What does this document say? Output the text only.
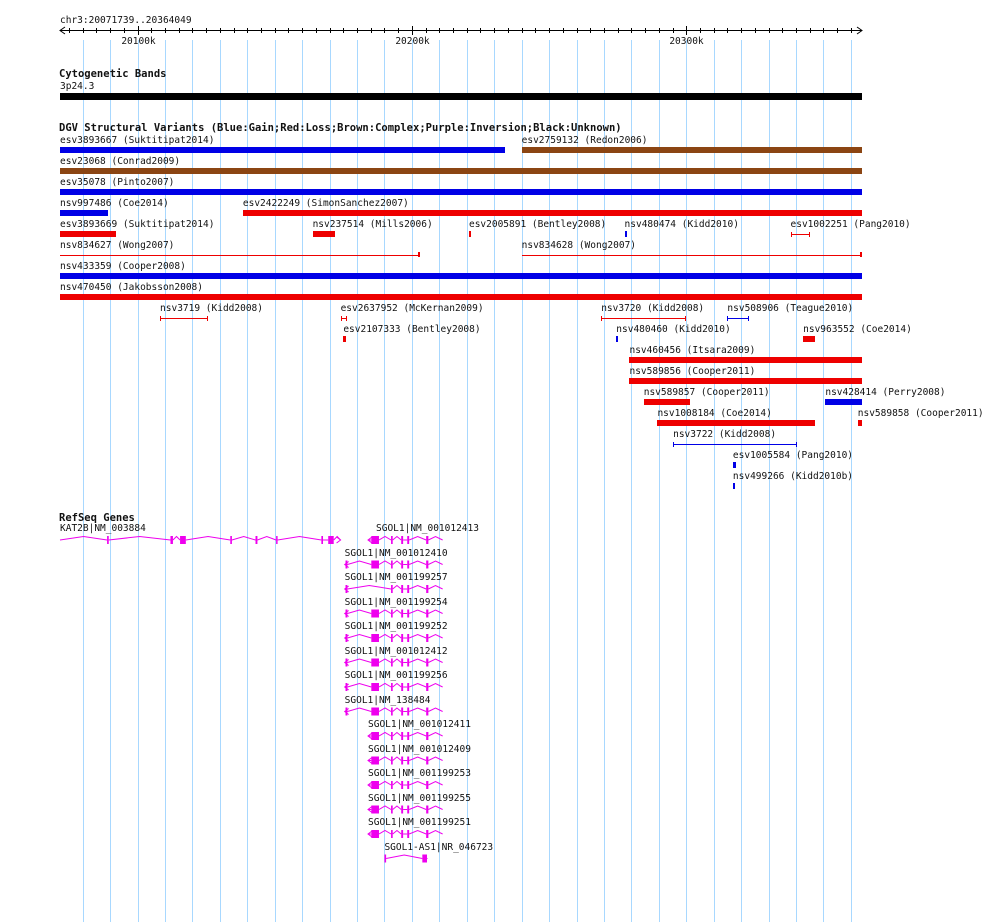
chr3:20071739..20364049
20100k	20200k	20300k
Cytogenetic Bands
3p24.3
DGV Structural Variants (Blue:Gain;Red:Loss;Brown:Complex;Purple:Inversion;Black:Unknown)
RefSeq Genes
esv3893667 (Suktitipat2014)	esv2759132 (Redon2006)
esv23068 (Conrad2009)
esv35078 (Pinto2007)
nsv997486 (Coe2014)	esv2422249 (SimonSanchez2007)
esv3893669 (Suktitipat2014)	nsv237514 (Mills2006)	esv2005891 (Bentley2008) nsv480474 (Kidd2010)	esv1002251 (Pang2010)
nsv834627 (Wong2007)	nsv834628 (Wong2007)
nsv433359 (Cooper2008)
nsv470450 (Jakobsson2008)
nsv3719 (Kidd2008)	esv2637952 (McKernan2009)	nsv3720 (Kidd2008) nsv508906 (Teague2010)
esv2107333 (Bentley2008)	nsv480460 (Kidd2010)	nsv963552 (Coe2014)
nsv460456 (Itsara2009)
nsv589856 (Cooper2011)
nsv589857 (Cooper2011)	nsv428414 (Perry2008)
nsv1008184 (Coe2014)	nsv589858 (Cooper2011)
nsv3722 (Kidd2008)
esv1005584 (Pang2010)
nsv499266 (Kidd2010b)
KAT2B|NM_003884	SGOL1|NM_001012413
SGOL1|NM_001012410
SGOL1|NM_001199257
SGOL1|NM_001199254
SGOL1|NM_001199252
SGOL1|NM_001012412
SGOL1|NM_001199256
SGOL1|NM_138484
SGOL1|NM_001012411
SGOL1|NM_001012409
SGOL1|NM_001199253
SGOL1|NM_001199255
SGOL1|NM_001199251
SGOL1-AS1|NR_046723
